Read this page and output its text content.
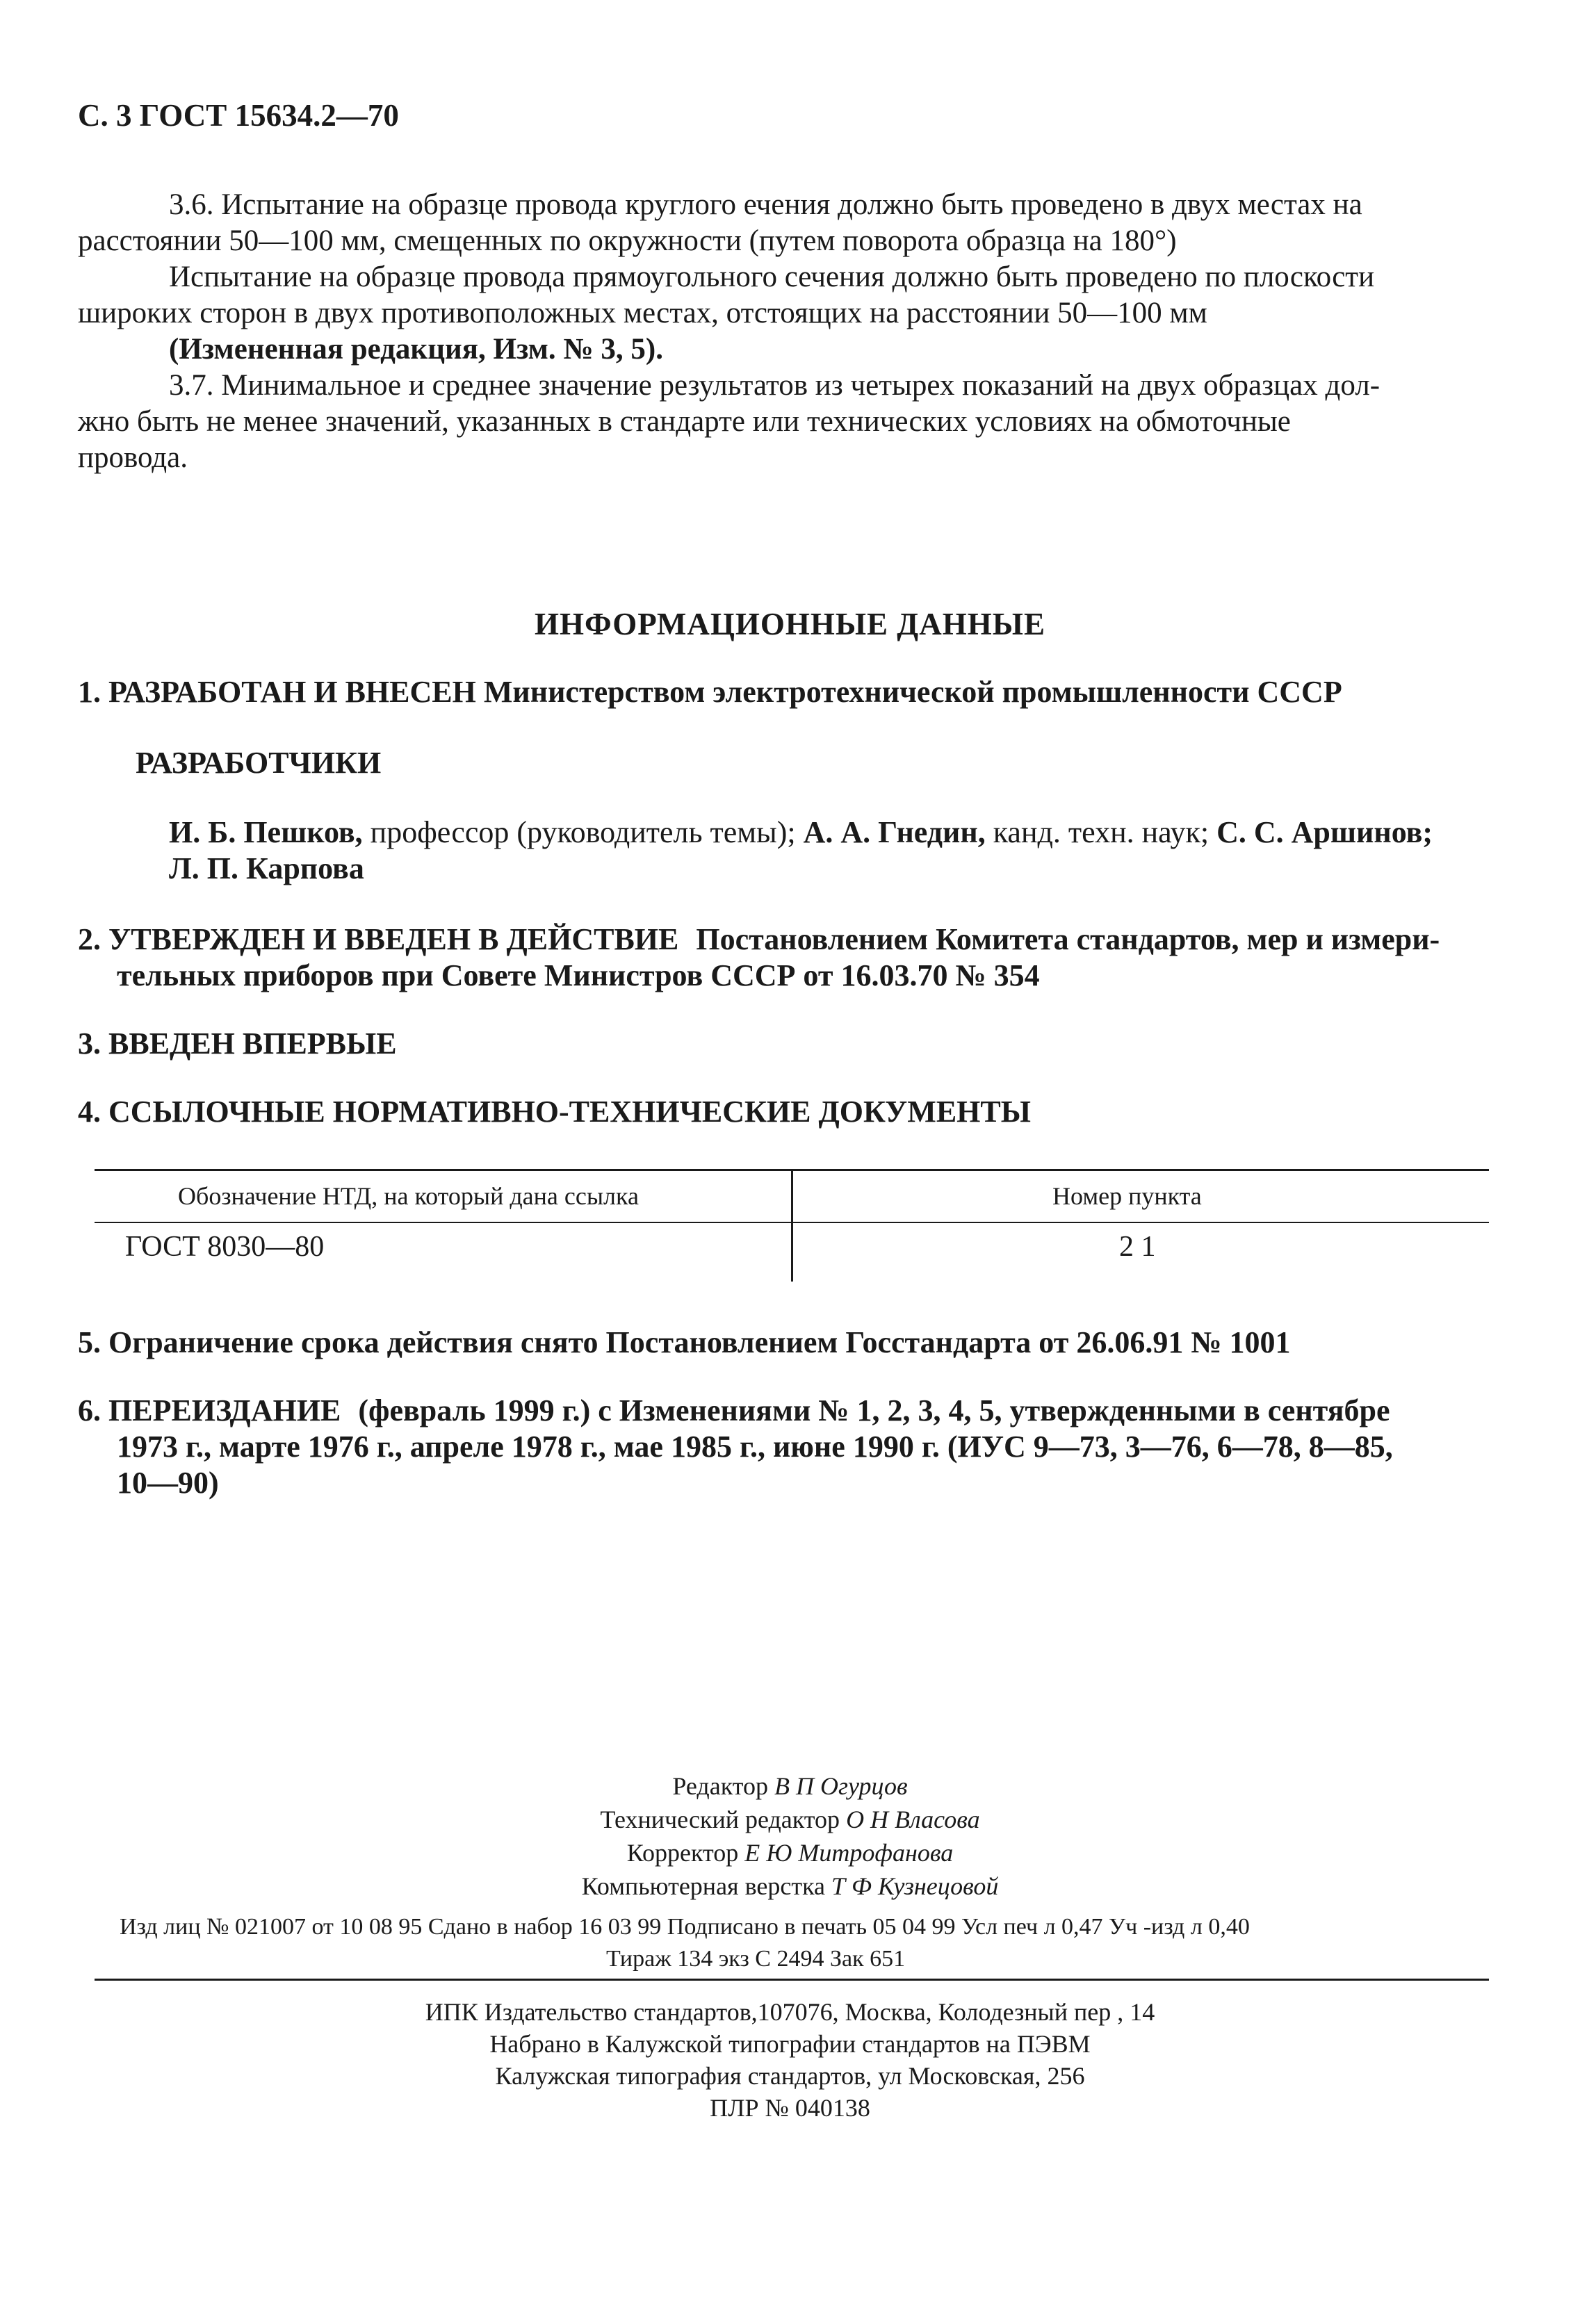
С. 3 ГОСТ 15634.2—70
3.6. Испытание на образце провода круглого ечения должно быть проведено в двух местах на
расстоянии 50—100 мм, смещенных по окружности (путем поворота образца на 180°)
Испытание на образце провода прямоугольного сечения должно быть проведено по плоскости
широких сторон в двух противоположных местах, отстоящих на расстоянии 50—100 мм
(Измененная редакция, Изм. № 3, 5).
3.7. Минимальное и среднее значение результатов из четырех показаний на двух образцах дол-
жно быть не менее значений, указанных в стандарте или технических условиях на обмоточные
провода.
ИНФОРМАЦИОННЫЕ ДАННЫЕ
1. РАЗРАБОТАН И ВНЕСЕН Министерством электротехнической промышленности СССР
РАЗРАБОТЧИКИ
И. Б. Пешков, профессор (руководитель темы); А. А. Гнедин, канд. техн. наук; С. С. Аршинов;
Л. П. Карпова
2. УТВЕРЖДЕН И ВВЕДЕН В ДЕЙСТВИЕ Постановлением Комитета стандартов, мер и измери-
тельных приборов при Совете Министров СССР от 16.03.70 № 354
3. ВВЕДЕН ВПЕРВЫЕ
4. ССЫЛОЧНЫЕ НОРМАТИВНО-ТЕХНИЧЕСКИЕ ДОКУМЕНТЫ
Обозначение НТД, на который дана ссылка	Номер пункта
ГОСТ 8030—80	2 1
5. Ограничение срока действия снято Постановлением Госстандарта от 26.06.91 № 1001
6. ПЕРЕИЗДАНИЕ (февраль 1999 г.) с Изменениями № 1, 2, 3, 4, 5, утвержденными в сентябре
1973 г., марте 1976 г., апреле 1978 г., мае 1985 г., июне 1990 г. (ИУС 9—73, 3—76, 6—78, 8—85,
10—90)
Редактор В П Огурцов
Технический редактор О Н Власова
Корректор Е Ю Митрофанова
Компьютерная верстка Т Ф Кузнецовой
Изд лиц № 021007 от 10 08 95 Сдано в набор 16 03 99 Подписано в печать 05 04 99 Усл печ л 0,47 Уч -изд л 0,40
Тираж 134 экз С 2494 Зак 651
ИПК Издательство стандартов,107076, Москва, Колодезный пер , 14
Набрано в Калужской типографии стандартов на ПЭВМ
Калужская типография стандартов, ул Московская, 256
ПЛР № 040138
